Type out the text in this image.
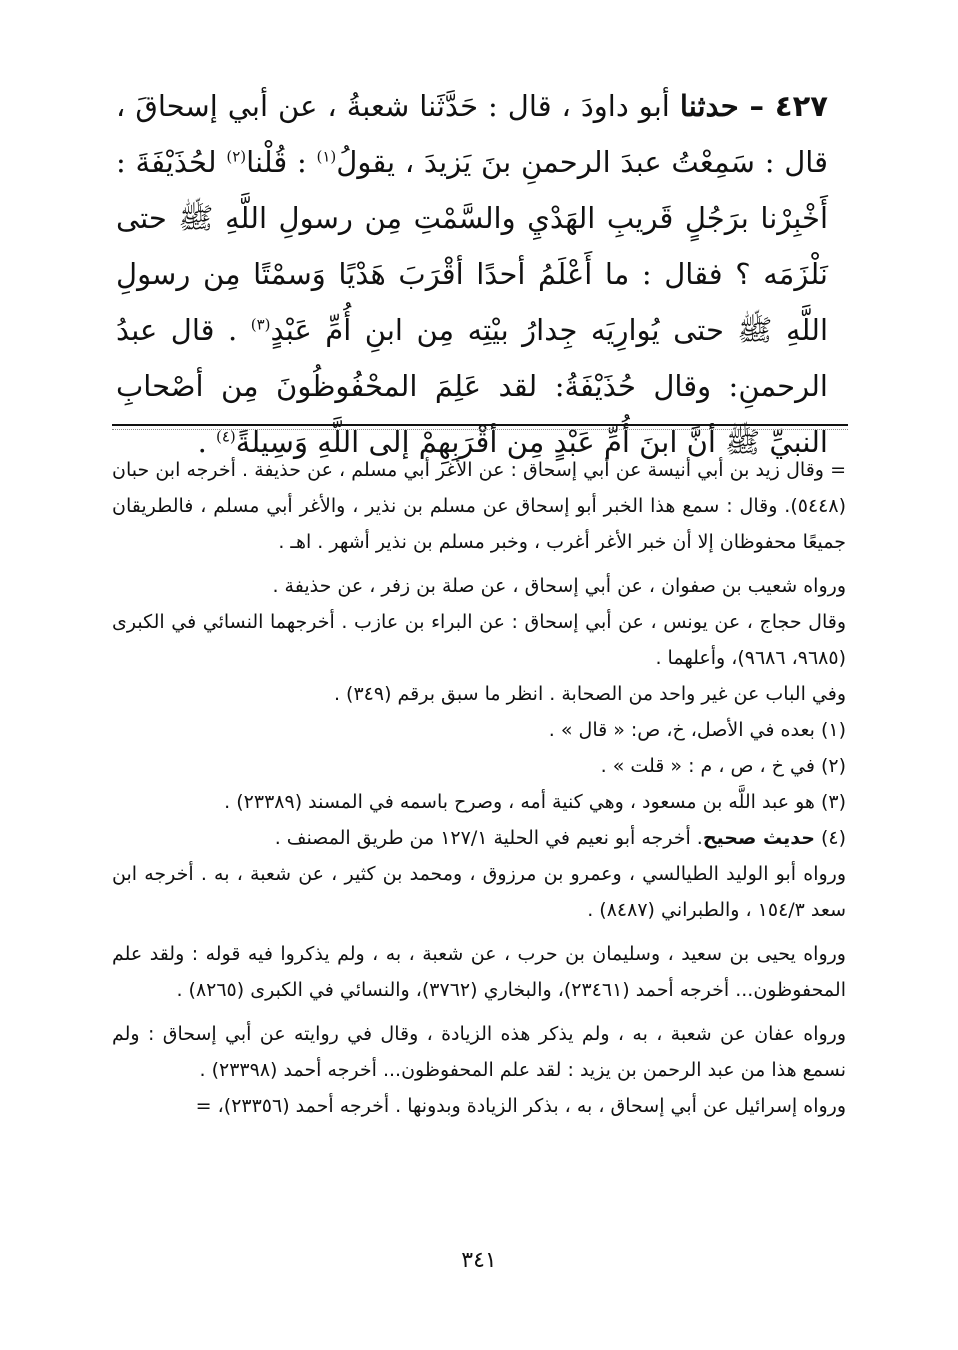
٤٢٧ – حدثنا أبو داودَ ، قال : حَدَّثَنا شعبةُ ، عن أبي إسحاقَ ، قال : سَمِعْتُ عبدَ الرحمنِ بنَ يَزيدَ ، يقولُ$^{(١)}$ : قُلْنا$^{(٢)}$ لحُذَيْفَةَ : أَخْبِرْنا برَجُلٍ قَريبِ الهَدْيِ والسَّمْتِ مِن رسولِ اللَّهِ ﷺ حتى نَلْزَمَه ؟ فقال : ما أَعْلَمُ أحدًا أقْرَبَ هَدْيًا وَسمْتًا مِن رسولِ اللَّهِ ﷺ حتى يُوارِيَه جِدارُ بيْتِه مِن ابنِ أُمِّ عَبْدٍ$^{(٣)}$ . قال عبدُ الرحمنِ: وقال حُذَيْفَةُ: لقد عَلِمَ المحْفُوظُونَ مِن أصْحابِ النبيِّ ﷺ أنَّ ابنَ أُمِّ عَبْدٍ مِن أقْرَبِهِمْ إلى اللَّهِ وَسِيلةً$^{(٤)}$ .

= وقال زيد بن أبي أنيسة عن أبي إسحاق : عن الأغر أبي مسلم ، عن حذيفة . أخرجه ابن حبان (٥٤٤٨). وقال : سمع هذا الخبر أبو إسحاق عن مسلم بن نذير ، والأغر أبي مسلم ، فالطريقان جميعًا محفوظان إلا أن خبر الأغر أغرب ، وخبر مسلم بن نذير أشهر . اهـ .

ورواه شعيب بن صفوان ، عن أبي إسحاق ، عن صلة بن زفر ، عن حذيفة .

وقال حجاج ، عن يونس ، عن أبي إسحاق : عن البراء بن عازب . أخرجهما النسائي في الكبرى (٩٦٨٥، ٩٦٨٦)، وأعلهما .

وفي الباب عن غير واحد من الصحابة . انظر ما سبق برقم (٣٤٩) .

(١) بعده في الأصل، خ، ص: « قال » .

(٢) في خ ، ص ، م : « قلت » .

(٣) هو عبد اللَّه بن مسعود ، وهي كنية أمه ، وصرح باسمه في المسند (٢٣٣٨٩) .

(٤) حديث صحيح. أخرجه أبو نعيم في الحلية ١٢٧/١ من طريق المصنف .

ورواه أبو الوليد الطيالسي ، وعمرو بن مرزوق ، ومحمد بن كثير ، عن شعبة ، به . أخرجه ابن سعد ١٥٤/٣ ، والطبراني (٨٤٨٧) .

ورواه يحيى بن سعيد ، وسليمان بن حرب ، عن شعبة ، به ، ولم يذكروا فيه قوله : ولقد علم المحفوظون... أخرجه أحمد (٢٣٤٦١)، والبخاري (٣٧٦٢)، والنسائي في الكبرى (٨٢٦٥) .

ورواه عفان عن شعبة ، به ، ولم يذكر هذه الزيادة ، وقال في روايته عن أبي إسحاق : ولم نسمع هذا من عبد الرحمن بن يزيد : لقد علم المحفوظون... أخرجه أحمد (٢٣٣٩٨) .

ورواه إسرائيل عن أبي إسحاق ، به ، بذكر الزيادة وبدونها . أخرجه أحمد (٢٣٣٥٦)، =

٣٤١
